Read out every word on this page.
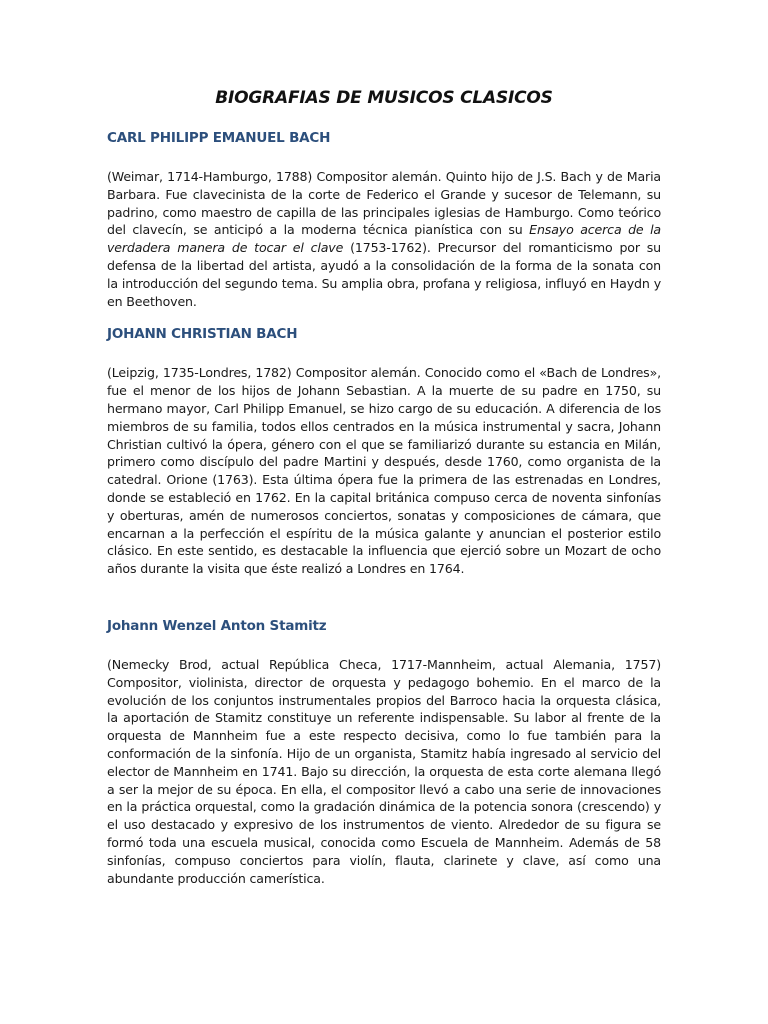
BIOGRAFIAS DE MUSICOS CLASICOS
CARL PHILIPP EMANUEL BACH

(Weimar, 1714-Hamburgo, 1788) Compositor alemán. Quinto hijo de J.S. Bach y de Maria Barbara. Fue clavecinista de la corte de Federico el Grande y sucesor de Telemann, su padrino, como maestro de capilla de las principales iglesias de Hamburgo. Como teórico del clavecín, se anticipó a la moderna técnica pianística con su Ensayo acerca de la verdadera manera de tocar el clave (1753-1762). Precursor del romanticismo por su defensa de la libertad del artista, ayudó a la consolidación de la forma de la sonata con la introducción del segundo tema. Su amplia obra, profana y religiosa, influyó en Haydn y en Beethoven.

JOHANN CHRISTIAN BACH

(Leipzig, 1735-Londres, 1782) Compositor alemán. Conocido como el «Bach de Londres», fue el menor de los hijos de Johann Sebastian. A la muerte de su padre en 1750, su hermano mayor, Carl Philipp Emanuel, se hizo cargo de su educación. A diferencia de los miembros de su familia, todos ellos centrados en la música instrumental y sacra, Johann Christian cultivó la ópera, género con el que se familiarizó durante su estancia en Milán, primero como discípulo del padre Martini y después, desde 1760, como organista de la catedral. Orione (1763). Esta última ópera fue la primera de las estrenadas en Londres, donde se estableció en 1762. En la capital británica compuso cerca de noventa sinfonías y oberturas, amén de numerosos conciertos, sonatas y composiciones de cámara, que encarnan a la perfección el espíritu de la música galante y anuncian el posterior estilo clásico. En este sentido, es destacable la influencia que ejerció sobre un Mozart de ocho años durante la visita que éste realizó a Londres en 1764.

Johann Wenzel Anton Stamitz

(Nemecky Brod, actual República Checa, 1717-Mannheim, actual Alemania, 1757) Compositor, violinista, director de orquesta y pedagogo bohemio. En el marco de la evolución de los conjuntos instrumentales propios del Barroco hacia la orquesta clásica, la aportación de Stamitz constituye un referente indispensable. Su labor al frente de la orquesta de Mannheim fue a este respecto decisiva, como lo fue también para la conformación de la sinfonía. Hijo de un organista, Stamitz había ingresado al servicio del elector de Mannheim en 1741. Bajo su dirección, la orquesta de esta corte alemana llegó a ser la mejor de su época. En ella, el compositor llevó a cabo una serie de innovaciones en la práctica orquestal, como la gradación dinámica de la potencia sonora (crescendo) y el uso destacado y expresivo de los instrumentos de viento. Alrededor de su figura se formó toda una escuela musical, conocida como Escuela de Mannheim. Además de 58 sinfonías, compuso conciertos para violín, flauta, clarinete y clave, así como una abundante producción camerística.
